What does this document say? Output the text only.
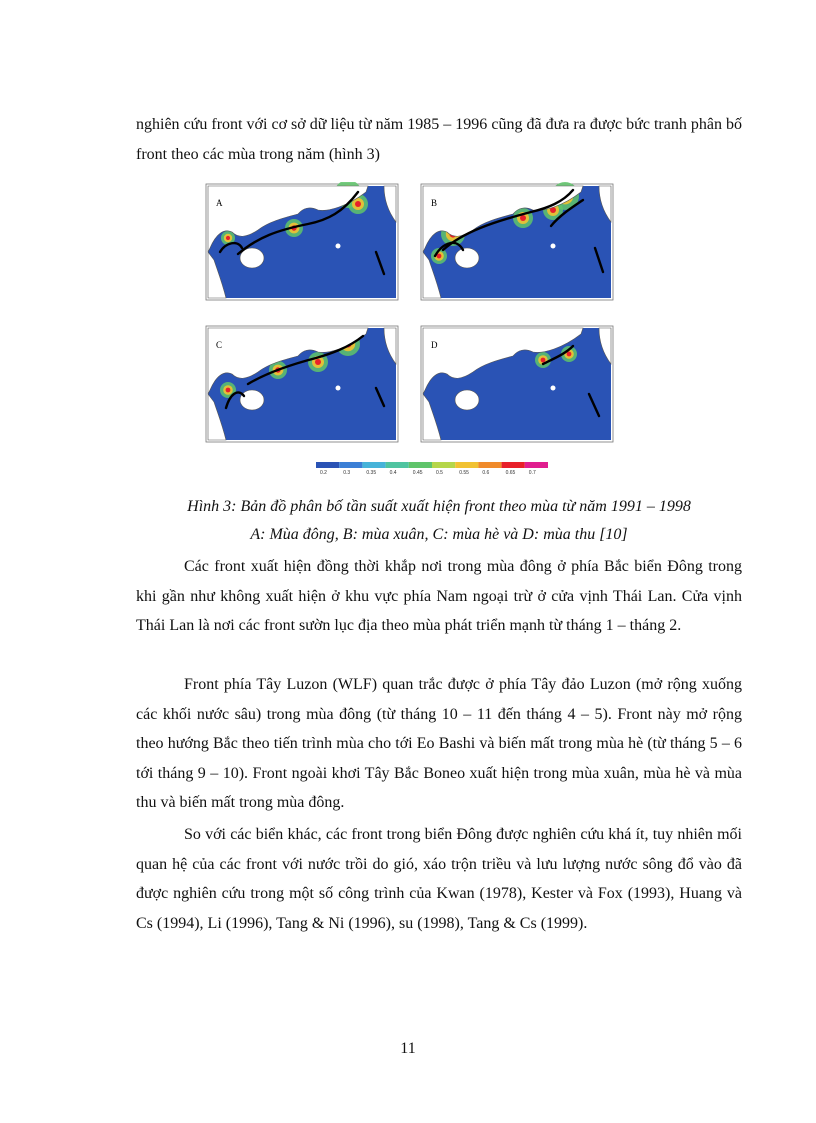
nghiên cứu front với cơ sở dữ liệu từ năm 1985 – 1996 cũng đã đưa ra được bức tranh phân bố front theo các mùa trong năm (hình 3)

A	B
C	D
0.2	0.3	0.35	0.4	0.45	0.5	0.55	0.6	0.65	0.7

Hình 3: Bản đồ phân bố tần suất xuất hiện front theo mùa từ năm 1991 – 1998

A: Mùa đông, B: mùa xuân, C: mùa hè và D: mùa thu [10]

Các front xuất hiện đồng thời khắp nơi trong mùa đông ở phía Bắc biển Đông trong khi gần như không xuất hiện ở khu vực phía Nam ngoại trừ ở cửa vịnh Thái Lan. Cửa vịnh Thái Lan là nơi các front sườn lục địa theo mùa phát triển mạnh từ tháng 1 – tháng 2.

Front phía Tây Luzon (WLF) quan trắc được ở phía Tây đảo Luzon (mở rộng xuống các khối nước sâu) trong mùa đông (từ tháng 10 – 11 đến tháng 4 – 5). Front này mở rộng theo hướng Bắc theo tiến trình mùa cho tới Eo Bashi và biến mất trong mùa hè (từ tháng 5 – 6 tới tháng 9 – 10). Front ngoài khơi Tây Bắc Boneo xuất hiện trong mùa xuân, mùa hè và mùa thu và biến mất trong mùa đông.

So với các biển khác, các front trong biển Đông được nghiên cứu khá ít, tuy nhiên mối quan hệ của các front với nước trồi do gió, xáo trộn triều và lưu lượng nước sông đổ vào đã được nghiên cứu trong một số công trình của Kwan (1978), Kester và Fox (1993), Huang và Cs (1994), Li (1996), Tang & Ni (1996), su (1998), Tang & Cs (1999).

11
